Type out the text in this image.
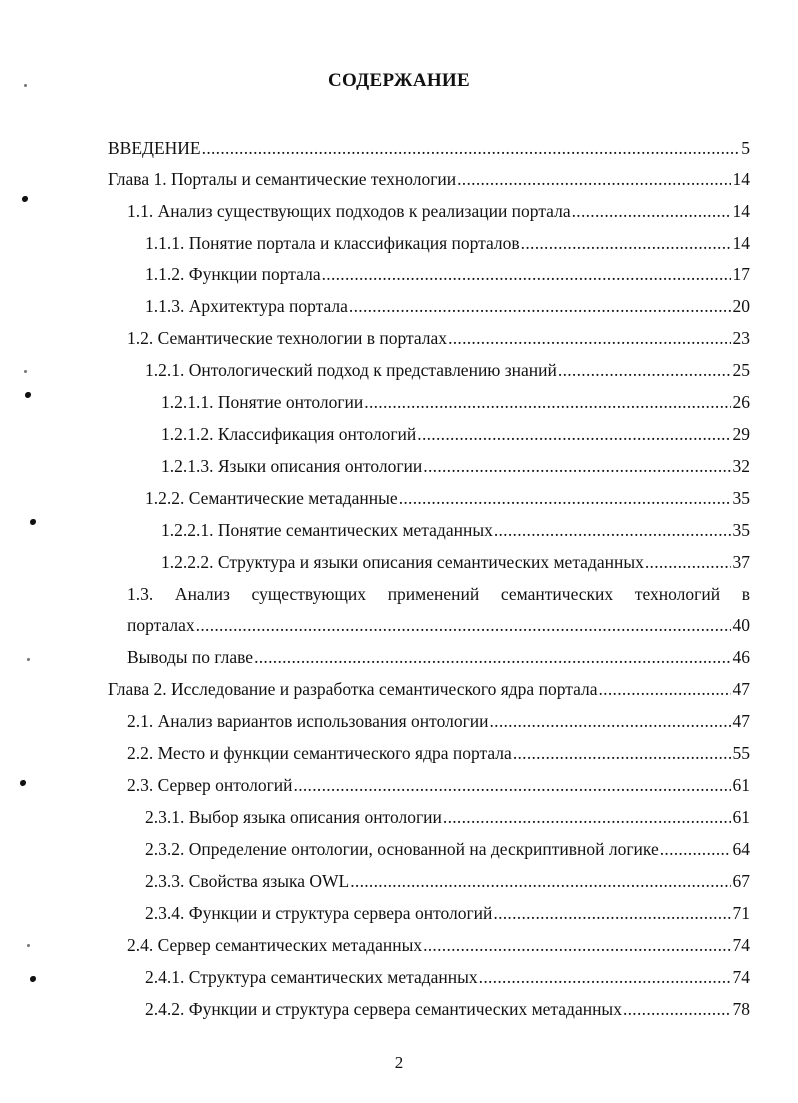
СОДЕРЖАНИЕ
ВВЕДЕНИЕ .....	5
Глава 1. Порталы и семантические технологии .....	14
1.1. Анализ существующих подходов к реализации портала .....	14
1.1.1. Понятие портала и классификация порталов .....	14
1.1.2. Функции портала .....	17
1.1.3. Архитектура портала .....	20
1.2. Семантические технологии в порталах .....	23
1.2.1. Онтологический подход к представлению знаний .....	25
1.2.1.1. Понятие онтологии .....	26
1.2.1.2. Классификация онтологий .....	29
1.2.1.3. Языки описания онтологии .....	32
1.2.2. Семантические метаданные .....	35
1.2.2.1. Понятие семантических метаданных .....	35
1.2.2.2. Структура и языки описания семантических метаданных .....	37
1.3. Анализ существующих применений семантических технологий в
порталах .....	40
Выводы по главе .....	46
Глава 2. Исследование и разработка семантического ядра портала .....	47
2.1. Анализ вариантов использования онтологии .....	47
2.2. Место и функции семантического ядра портала .....	55
2.3. Сервер онтологий .....	61
2.3.1. Выбор языка описания онтологии .....	61
2.3.2. Определение онтологии, основанной на дескриптивной логике .....	64
2.3.3. Свойства языка OWL .....	67
2.3.4. Функции и структура сервера онтологий .....	71
2.4. Сервер семантических метаданных .....	74
2.4.1. Структура семантических метаданных .....	74
2.4.2. Функции и структура сервера семантических метаданных .....	78
2
